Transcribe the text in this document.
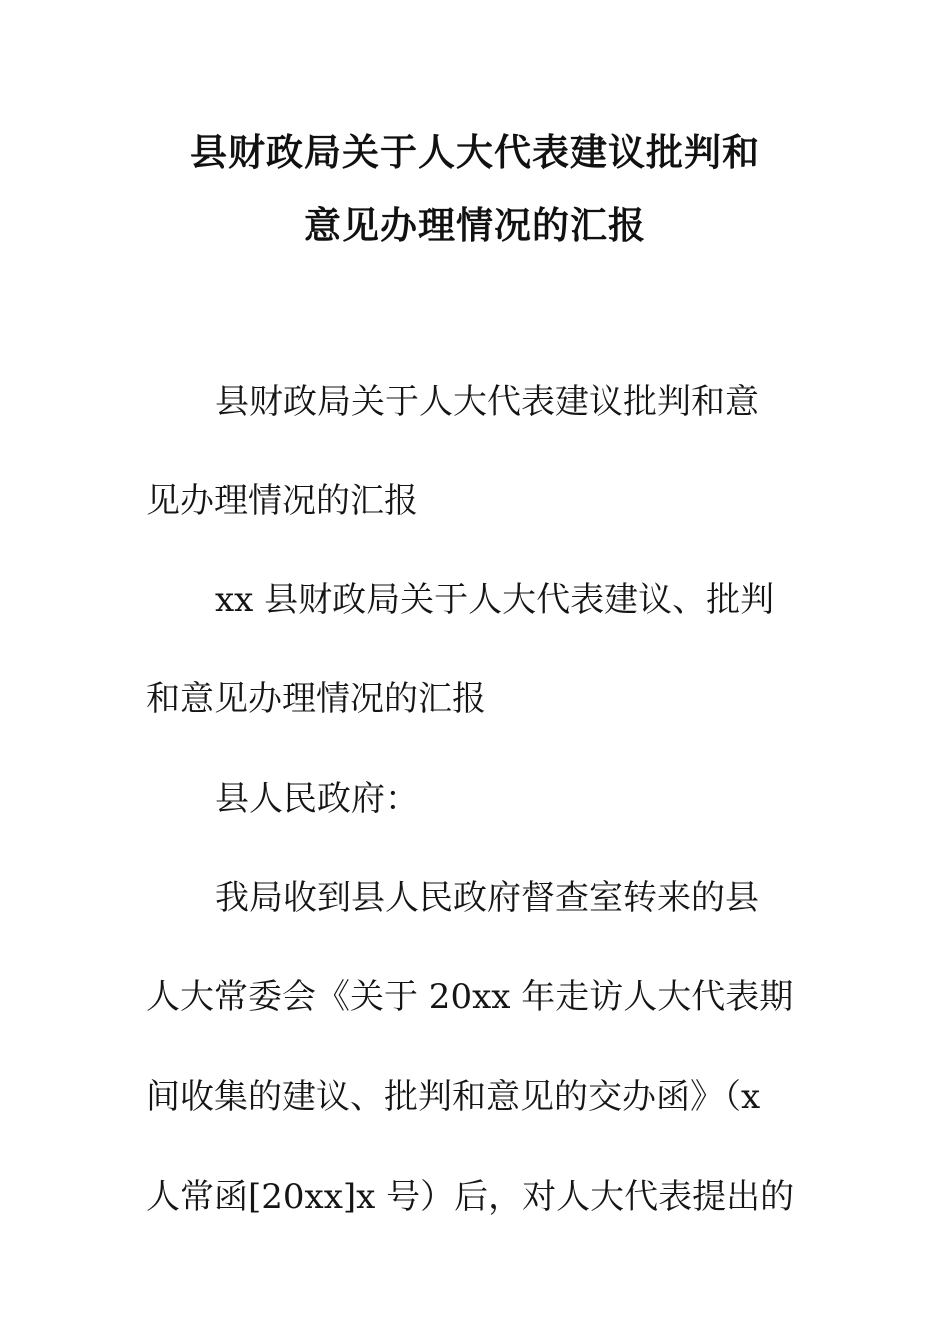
县财政局关于人大代表建议批判和
意见办理情况的汇报
县财政局关于人大代表建议批判和意
见办理情况的汇报
xx 县财政局关于人大代表建议、批判
和意见办理情况的汇报
县人民政府：
我局收到县人民政府督查室转来的县
人大常委会《关于 20xx 年走访人大代表期
间收集的建议、批判和意见的交办函》（x
人常函[20xx]x 号）后，对人大代表提出的
